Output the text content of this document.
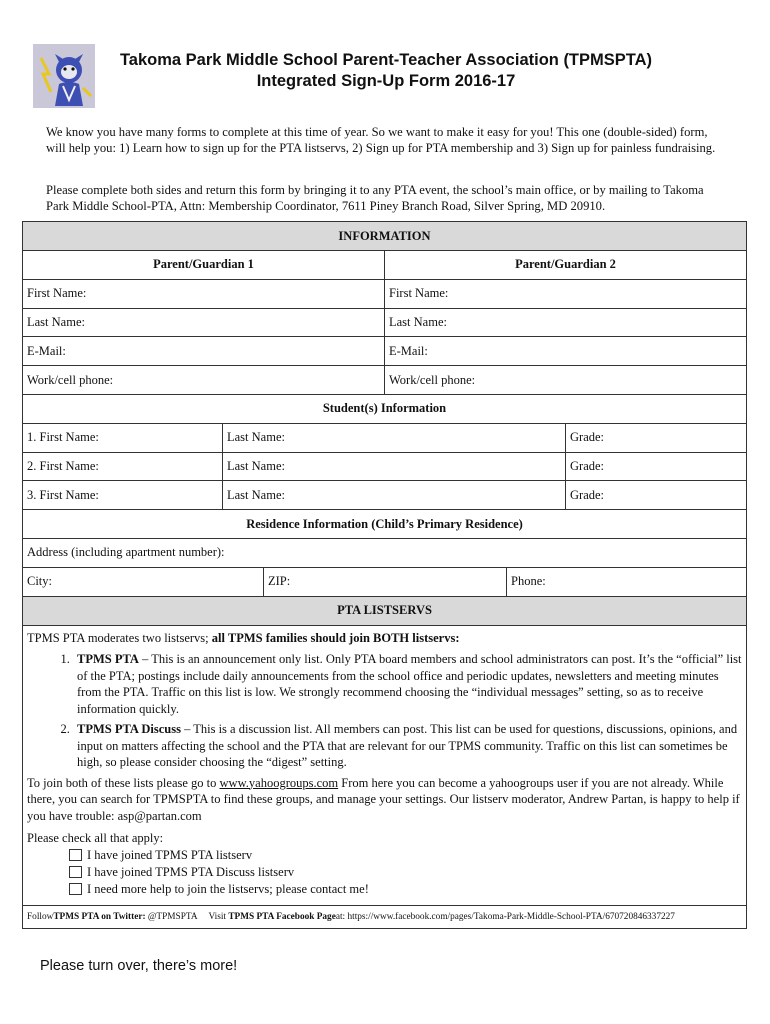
Takoma Park Middle School Parent-Teacher Association (TPMSPTA)
Integrated Sign-Up Form 2016-17

We know you have many forms to complete at this time of year. So we want to make it easy for you! This one (double-sided) form, will help you: 1) Learn how to sign up for the PTA listservs, 2) Sign up for PTA membership and 3) Sign up for painless fundraising.

Please complete both sides and return this form by bringing it to any PTA event, the school’s main office, or by mailing to Takoma Park Middle School-PTA, Attn: Membership Coordinator, 7611 Piney Branch Road, Silver Spring, MD 20910.

INFORMATION
Parent/Guardian 1	Parent/Guardian 2
First Name:	First Name:
Last Name:	Last Name:
E-Mail:	E-Mail:
Work/cell phone:	Work/cell phone:
Student(s) Information
1. First Name:	Last Name:	Grade:
2. First Name:	Last Name:	Grade:
3. First Name:	Last Name:	Grade:
Residence Information (Child’s Primary Residence)
Address (including apartment number):
City:	ZIP:	Phone:
PTA LISTSERVS

TPMS PTA moderates two listservs; all TPMS families should join BOTH listservs:

1. TPMS PTA – This is an announcement only list. Only PTA board members and school administrators can post. It’s the “official” list of the PTA; postings include daily announcements from the school office and periodic updates, newsletters and meeting minutes from the PTA. Traffic on this list is low. We strongly recommend choosing the “individual messages” setting, so as to receive information quickly.
2. TPMS PTA Discuss – This is a discussion list. All members can post. This list can be used for questions, discussions, opinions, and input on matters affecting the school and the PTA that are relevant for our TPMS community. Traffic on this list can sometimes be high, so please consider choosing the “digest” setting.

To join both of these lists please go to www.yahoogroups.com From here you can become a yahoogroups user if you are not already. While there, you can search for TPMSPTA to find these groups, and manage your settings. Our listserv moderator, Andrew Partan, is happy to help if you have trouble: asp@partan.com

Please check all that apply:

I have joined TPMS PTA listserv
I have joined TPMS PTA Discuss listserv
I need more help to join the listservs; please contact me!
Follow TPMS PTA on Twitter: @TPMSPTA     Visit TPMS PTA Facebook Page at: https://www.facebook.com/pages/Takoma-Park-Middle-School-PTA/670720846337227
Please turn over, there’s more!
